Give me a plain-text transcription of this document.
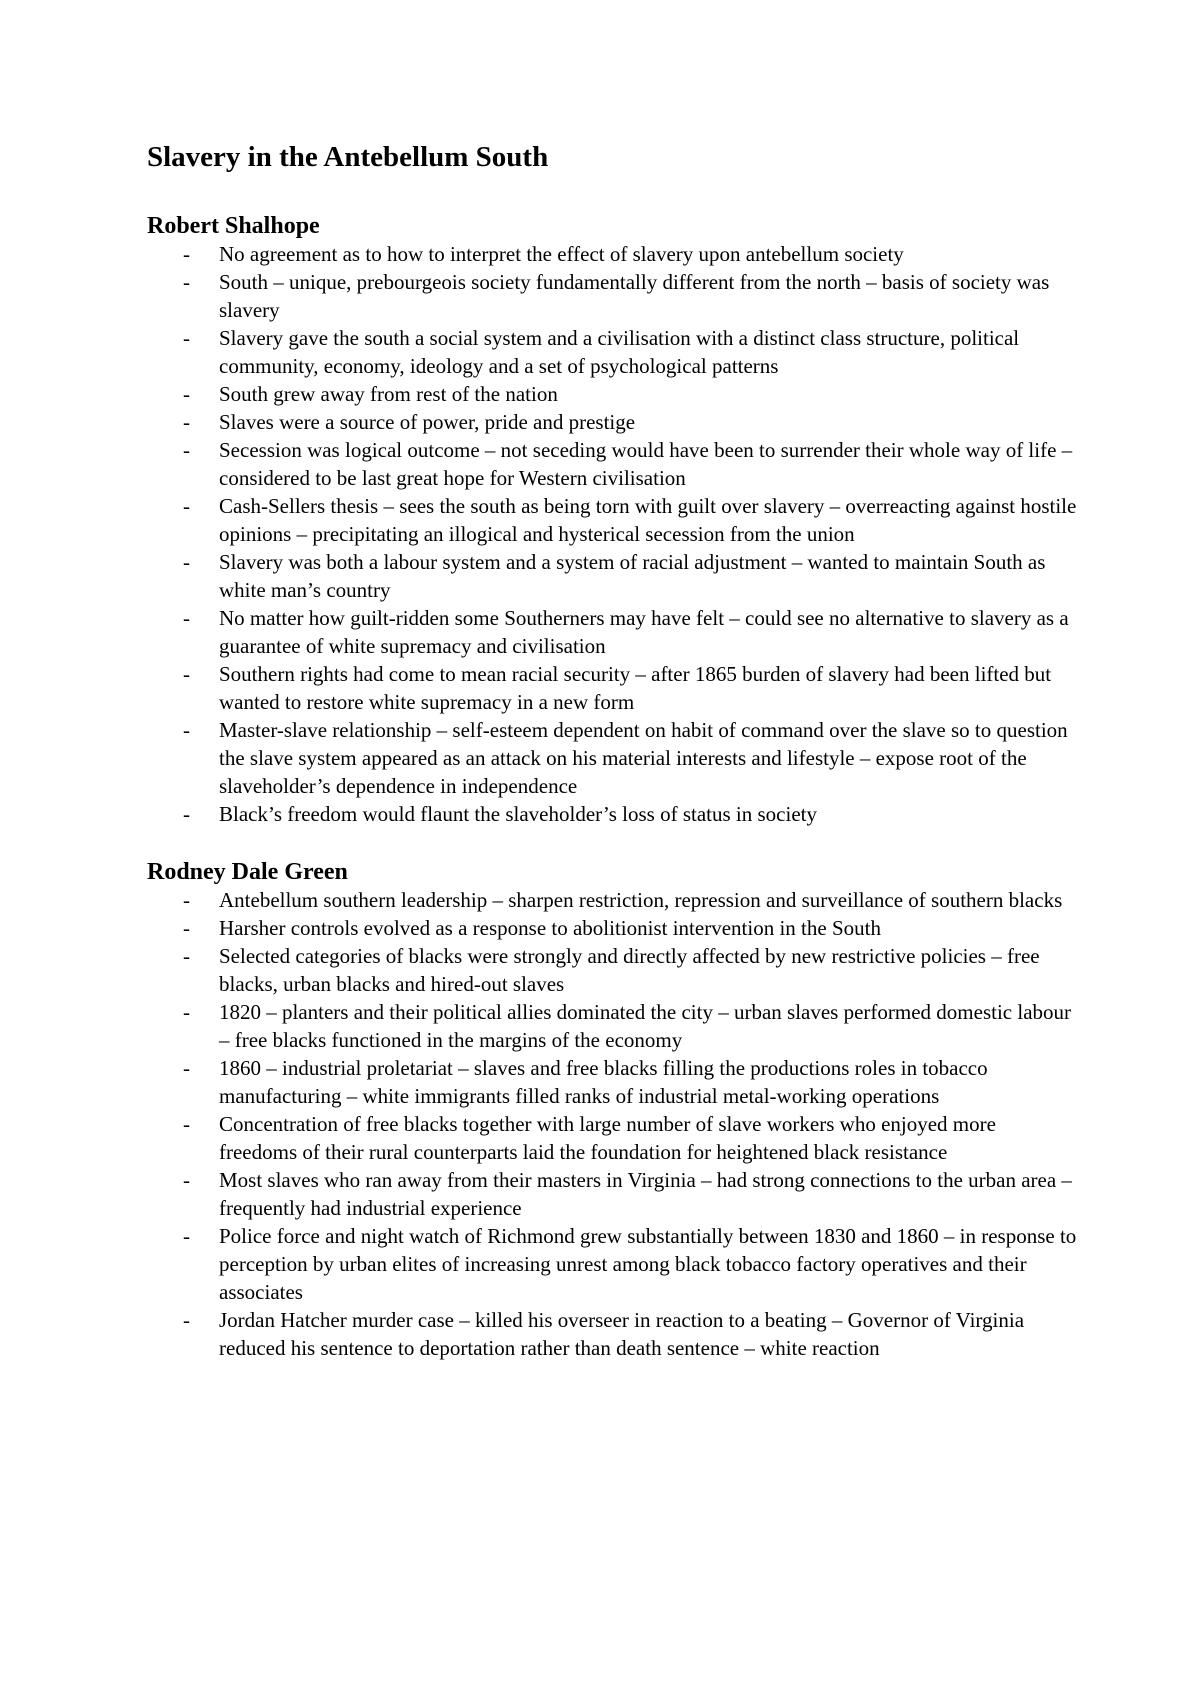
Slavery in the Antebellum South
Robert Shalhope
- No agreement as to how to interpret the effect of slavery upon antebellum society
- South – unique, prebourgeois society fundamentally different from the north – basis of society was slavery
- Slavery gave the south a social system and a civilisation with a distinct class structure, political community, economy, ideology and a set of psychological patterns
- South grew away from rest of the nation
- Slaves were a source of power, pride and prestige
- Secession was logical outcome – not seceding would have been to surrender their whole way of life – considered to be last great hope for Western civilisation
- Cash-Sellers thesis – sees the south as being torn with guilt over slavery – overreacting against hostile opinions – precipitating an illogical and hysterical secession from the union
- Slavery was both a labour system and a system of racial adjustment – wanted to maintain South as white man’s country
- No matter how guilt-ridden some Southerners may have felt – could see no alternative to slavery as a guarantee of white supremacy and civilisation
- Southern rights had come to mean racial security – after 1865 burden of slavery had been lifted but wanted to restore white supremacy in a new form
- Master-slave relationship – self-esteem dependent on habit of command over the slave so to question the slave system appeared as an attack on his material interests and lifestyle – expose root of the slaveholder’s dependence in independence
- Black’s freedom would flaunt the slaveholder’s loss of status in society
Rodney Dale Green
- Antebellum southern leadership – sharpen restriction, repression and surveillance of southern blacks
- Harsher controls evolved as a response to abolitionist intervention in the South
- Selected categories of blacks were strongly and directly affected by new restrictive policies – free blacks, urban blacks and hired-out slaves
- 1820 – planters and their political allies dominated the city – urban slaves performed domestic labour – free blacks functioned in the margins of the economy
- 1860 – industrial proletariat – slaves and free blacks filling the productions roles in tobacco manufacturing – white immigrants filled ranks of industrial metal-working operations
- Concentration of free blacks together with large number of slave workers who enjoyed more freedoms of their rural counterparts laid the foundation for heightened black resistance
- Most slaves who ran away from their masters in Virginia – had strong connections to the urban area – frequently had industrial experience
- Police force and night watch of Richmond grew substantially between 1830 and 1860 – in response to perception by urban elites of increasing unrest among black tobacco factory operatives and their associates
- Jordan Hatcher murder case – killed his overseer in reaction to a beating – Governor of Virginia reduced his sentence to deportation rather than death sentence – white reaction
